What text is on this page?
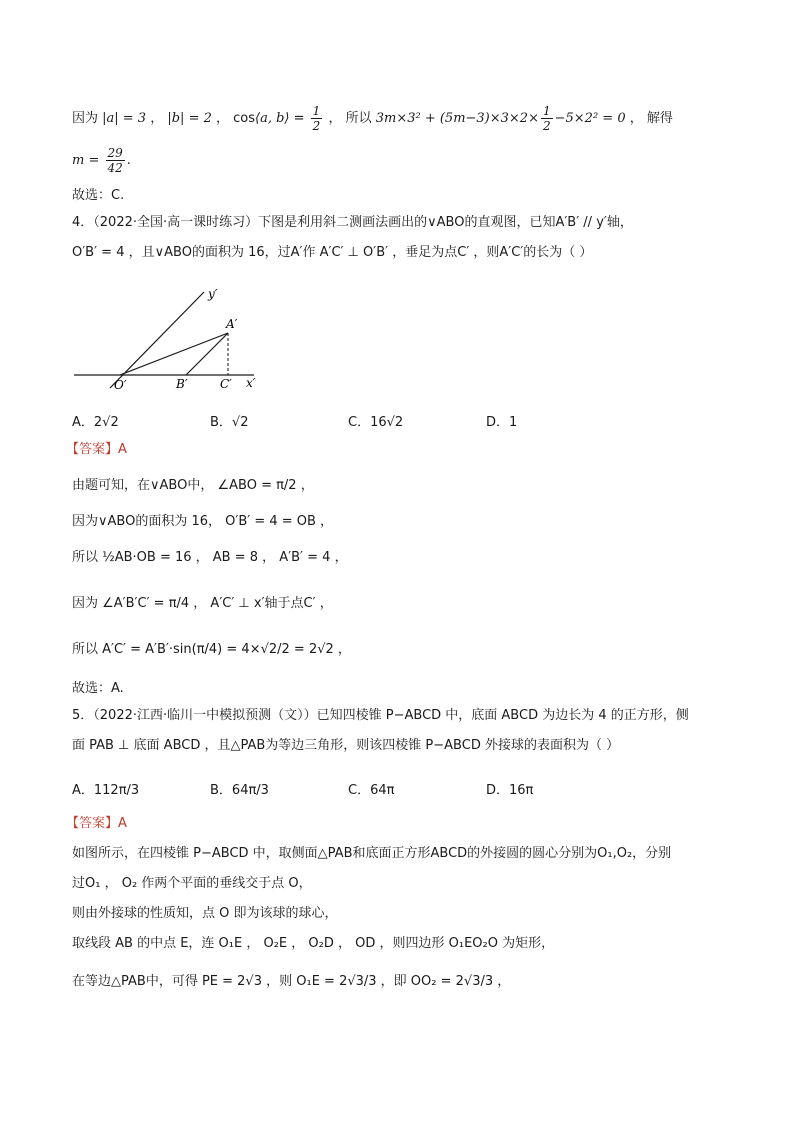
因为 |a| = 3 ， |b| = 2 ， cos⟨a, b⟩ = $\frac{1}{2}$ ， 所以 $3m\times 3^2 + (5m-3)\times 3\times 2\times \frac{1}{2} -5\times 2^2 = 0$ ， 解得
$m = \frac{29}{42}$ .
故选：C.
4．（2022·全国·高一课时练习）下图是利用斜二测画法画出的∨ABO的直观图，已知A′B′ // y′轴，
O′B′ = 4 ，且∨ABO的面积为 16，过A′作 A′C′ ⊥ O′B′ ，垂足为点C′ ，则A′C′的长为（ ）
y′
x′
O′	B′	C′
A′
A．2√2	B．√2	C．16√2	D．1
【答案】A
由题可知，在∨ABO中， ∠ABO = π/2 ，
因为∨ABO的面积为 16， O′B′ = 4 = OB ，
所以 ½AB·OB = 16 ， AB = 8 ， A′B′ = 4 ，
因为 ∠A′B′C′ = π/4 ， A′C′ ⊥ x′轴于点C′ ，
所以 A′C′ = A′B′·sin(π/4) = 4×√2/2 = 2√2 ，
故选：A.
5．（2022·江西·临川一中模拟预测（文））已知四棱锥 P−ABCD 中，底面 ABCD 为边长为 4 的正方形，侧
面 PAB ⊥ 底面 ABCD ，且△PAB为等边三角形，则该四棱锥 P−ABCD 外接球的表面积为（ ）
A．112π/3	B．64π/3	C．64π	D．16π
【答案】A
如图所示，在四棱锥 P−ABCD 中，取侧面△PAB和底面正方形ABCD的外接圆的圆心分别为O₁,O₂，分别
过O₁ ， O₂ 作两个平面的垂线交于点 O，
则由外接球的性质知，点 O 即为该球的球心，
取线段 AB 的中点 E，连 O₁E ， O₂E ， O₂D ， OD ，则四边形 O₁EO₂O 为矩形，
在等边△PAB中，可得 PE = 2√3 ，则 O₁E = 2√3/3 ，即 OO₂ = 2√3/3 ，
